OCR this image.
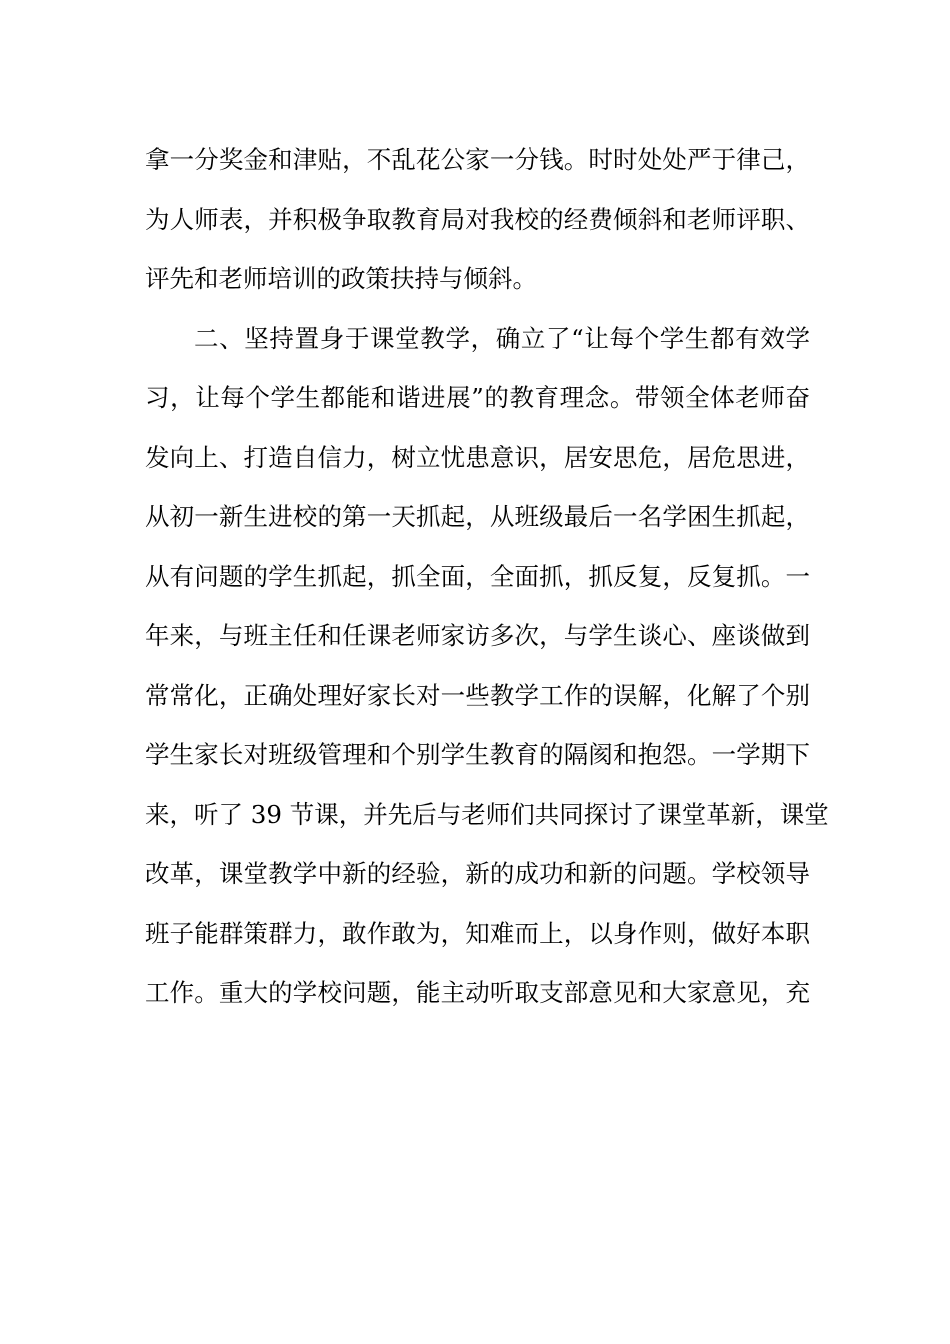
拿一分奖金和津贴，不乱花公家一分钱。时时处处严于律己，
为人师表，并积极争取教育局对我校的经费倾斜和老师评职、
评先和老师培训的政策扶持与倾斜。
二、坚持置身于课堂教学，确立了“让每个学生都有效学
习，让每个学生都能和谐进展”的教育理念。带领全体老师奋
发向上、打造自信力，树立忧患意识，居安思危，居危思进，
从初一新生进校的第一天抓起，从班级最后一名学困生抓起，
从有问题的学生抓起，抓全面，全面抓，抓反复，反复抓。一
年来，与班主任和任课老师家访多次，与学生谈心、座谈做到
常常化，正确处理好家长对一些教学工作的误解，化解了个别
学生家长对班级管理和个别学生教育的隔阂和抱怨。一学期下
来，听了 39 节课，并先后与老师们共同探讨了课堂革新，课堂
改革，课堂教学中新的经验，新的成功和新的问题。学校领导
班子能群策群力，敢作敢为，知难而上，以身作则，做好本职
工作。重大的学校问题，能主动听取支部意见和大家意见，充
